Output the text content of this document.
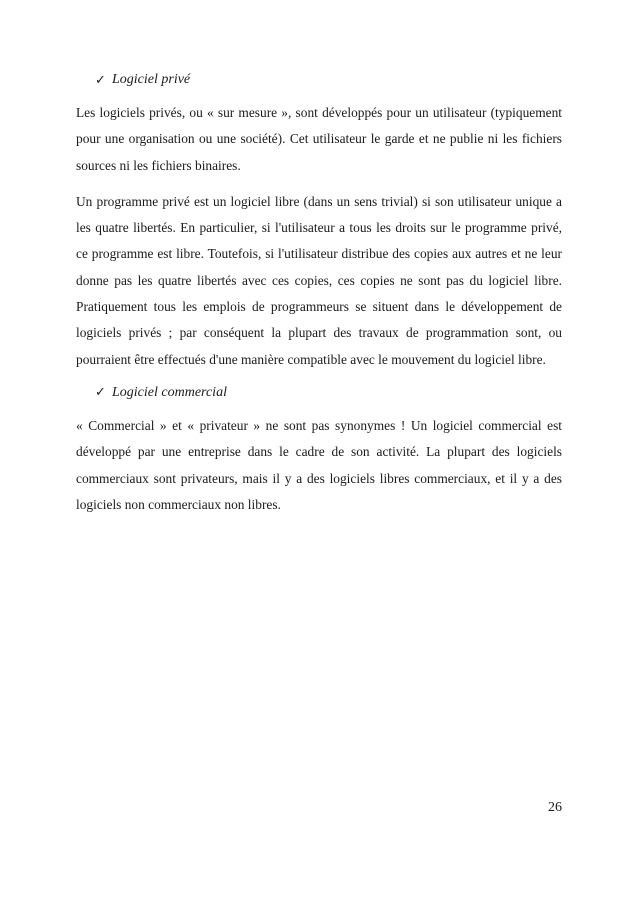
✓ Logiciel privé

Les logiciels privés, ou « sur mesure », sont développés pour un utilisateur (typiquement pour une organisation ou une société). Cet utilisateur le garde et ne publie ni les fichiers sources ni les fichiers binaires.

Un programme privé est un logiciel libre (dans un sens trivial) si son utilisateur unique a les quatre libertés. En particulier, si l'utilisateur a tous les droits sur le programme privé, ce programme est libre. Toutefois, si l'utilisateur distribue des copies aux autres et ne leur donne pas les quatre libertés avec ces copies, ces copies ne sont pas du logiciel libre. Pratiquement tous les emplois de programmeurs se situent dans le développement de logiciels privés ; par conséquent la plupart des travaux de programmation sont, ou pourraient être effectués d'une manière compatible avec le mouvement du logiciel libre.

✓ Logiciel commercial

« Commercial » et « privateur » ne sont pas synonymes ! Un logiciel commercial est développé par une entreprise dans le cadre de son activité. La plupart des logiciels commerciaux sont privateurs, mais il y a des logiciels libres commerciaux, et il y a des logiciels non commerciaux non libres.

26
